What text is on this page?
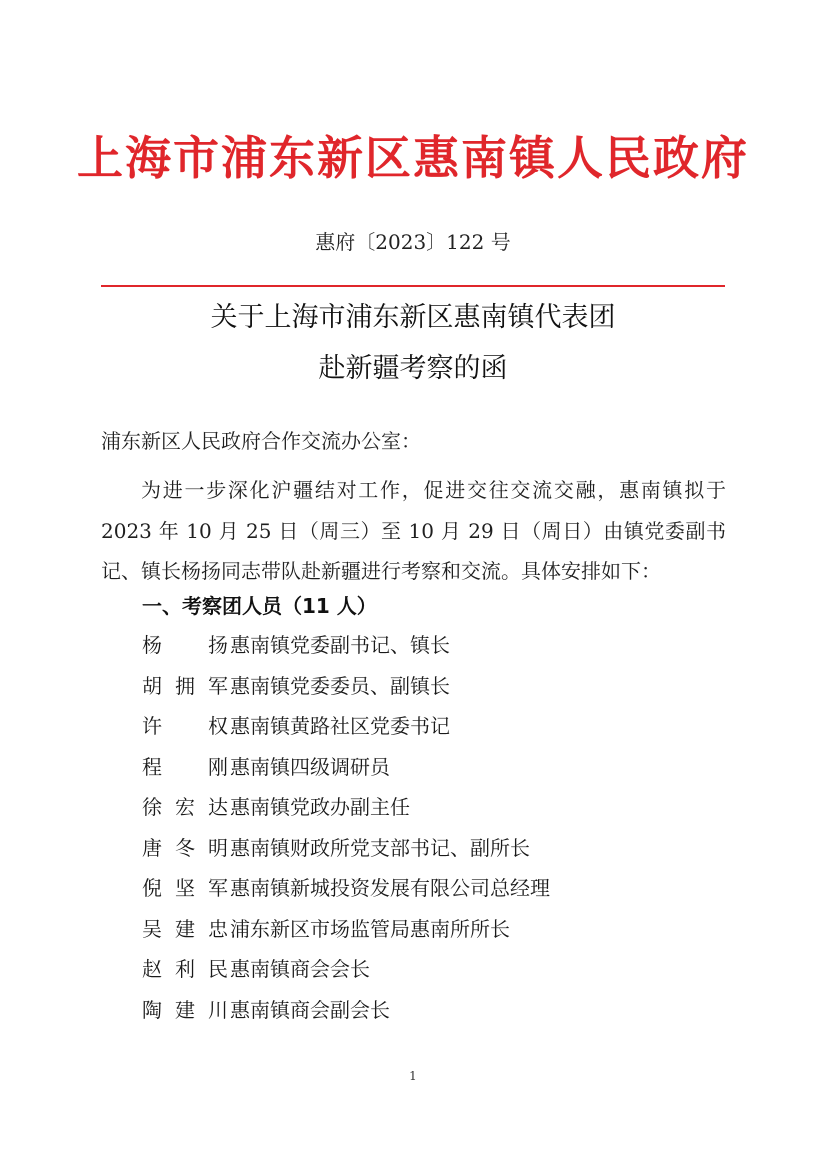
上海市浦东新区惠南镇人民政府
惠府〔2023〕122 号
关于上海市浦东新区惠南镇代表团
赴新疆考察的函
浦东新区人民政府合作交流办公室：
为进一步深化沪疆结对工作，促进交往交流交融，惠南镇拟于2023 年 10 月 25 日（周三）至 10 月 29 日（周日）由镇党委副书记、镇长杨扬同志带队赴新疆进行考察和交流。具体安排如下：
一、考察团人员（11 人）
杨扬 惠南镇党委副书记、镇长
胡拥军 惠南镇党委委员、副镇长
许权 惠南镇黄路社区党委书记
程刚 惠南镇四级调研员
徐宏达 惠南镇党政办副主任
唐冬明 惠南镇财政所党支部书记、副所长
倪坚军 惠南镇新城投资发展有限公司总经理
吴建忠 浦东新区市场监管局惠南所所长
赵利民 惠南镇商会会长
陶建川 惠南镇商会副会长
1
